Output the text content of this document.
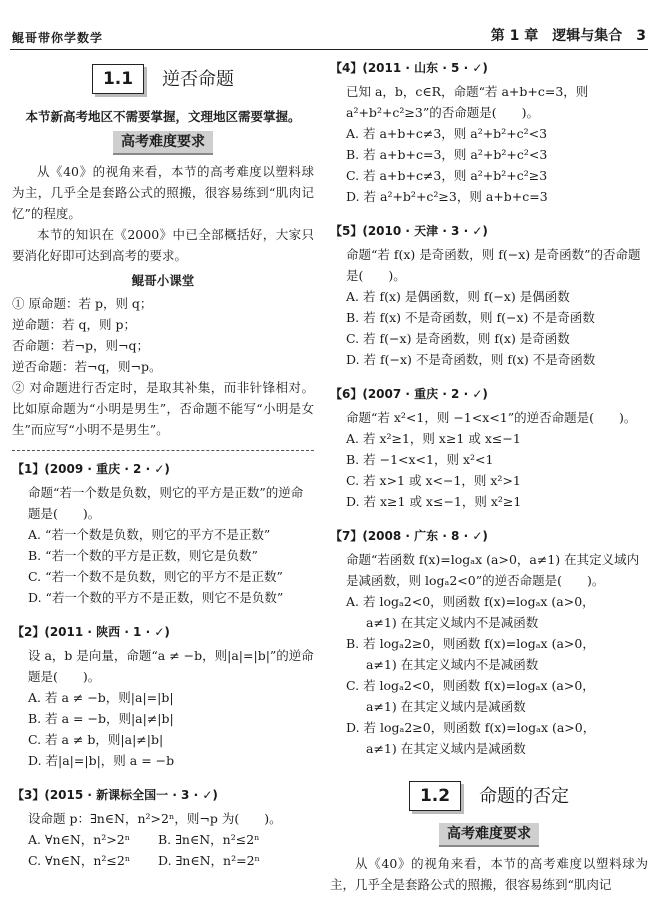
鲲哥带你学数学	第 1 章　逻辑与集合　3
1.1	逆否命题
本节新高考地区不需要掌握，文理地区需要掌握。
高考难度要求

从《40》的视角来看，本节的高考难度以塑料球为主，几乎全是套路公式的照搬，很容易练到“肌肉记忆”的程度。

本节的知识在《2000》中已全部概括好，大家只要消化好即可达到高考的要求。

鲲哥小课堂

① 原命题：若 p，则 q；

逆命题：若 q，则 p；

否命题：若¬p，则¬q；

逆否命题：若¬q，则¬p。

② 对命题进行否定时，是取其补集，而非针锋相对。比如原命题为“小明是男生”，否命题不能写“小明是女生”而应写“小明不是男生”。

【1】(2009 · 重庆 · 2 · ✓)

命题“若一个数是负数，则它的平方是正数”的逆命题是(　　)。

A. “若一个数是负数，则它的平方不是正数”

B. “若一个数的平方是正数，则它是负数”

C. “若一个数不是负数，则它的平方不是正数”

D. “若一个数的平方不是正数，则它不是负数”

【2】(2011 · 陕西 · 1 · ✓)

设 a，b 是向量，命题“a ≠ −b，则|a|=|b|”的逆命题是(　　)。

A. 若 a ≠ −b，则|a|=|b|

B. 若 a = −b，则|a|≠|b|

C. 若 a ≠ b，则|a|≠|b|

D. 若|a|=|b|，则 a = −b

【3】(2015 · 新课标全国一 · 3 · ✓)

设命题 p：∃n∈N，n²>2ⁿ，则¬p 为(　　)。

A. ∀n∈N，n²>2ⁿ	B. ∃n∈N，n²≤2ⁿ
C. ∀n∈N，n²≤2ⁿ	D. ∃n∈N，n²=2ⁿ
【4】(2011 · 山东 · 5 · ✓)

已知 a，b，c∈R，命题“若 a+b+c=3，则 a²+b²+c²≥3”的否命题是(　　)。

A. 若 a+b+c≠3，则 a²+b²+c²<3

B. 若 a+b+c=3，则 a²+b²+c²<3

C. 若 a+b+c≠3，则 a²+b²+c²≥3

D. 若 a²+b²+c²≥3，则 a+b+c=3

【5】(2010 · 天津 · 3 · ✓)

命题“若 f(x) 是奇函数，则 f(−x) 是奇函数”的否命题是(　　)。

A. 若 f(x) 是偶函数，则 f(−x) 是偶函数

B. 若 f(x) 不是奇函数，则 f(−x) 不是奇函数

C. 若 f(−x) 是奇函数，则 f(x) 是奇函数

D. 若 f(−x) 不是奇函数，则 f(x) 不是奇函数

【6】(2007 · 重庆 · 2 · ✓)

命题“若 x²<1，则 −1<x<1”的逆否命题是(　　)。

A. 若 x²≥1，则 x≥1 或 x≤−1

B. 若 −1<x<1，则 x²<1

C. 若 x>1 或 x<−1，则 x²>1

D. 若 x≥1 或 x≤−1，则 x²≥1

【7】(2008 · 广东 · 8 · ✓)

命题“若函数 f(x)=logₐx (a>0，a≠1) 在其定义域内是减函数，则 logₐ2<0”的逆否命题是(　　)。

A. 若 logₐ2<0，则函数 f(x)=logₐx (a>0，

a≠1) 在其定义域内不是减函数

B. 若 logₐ2≥0，则函数 f(x)=logₐx (a>0，

a≠1) 在其定义域内不是减函数

C. 若 logₐ2<0，则函数 f(x)=logₐx (a>0，

a≠1) 在其定义域内是减函数

D. 若 logₐ2≥0，则函数 f(x)=logₐx (a>0，

a≠1) 在其定义域内是减函数

1.2	命题的否定
高考难度要求

从《40》的视角来看，本节的高考难度以塑料球为主，几乎全是套路公式的照搬，很容易练到“肌肉记
